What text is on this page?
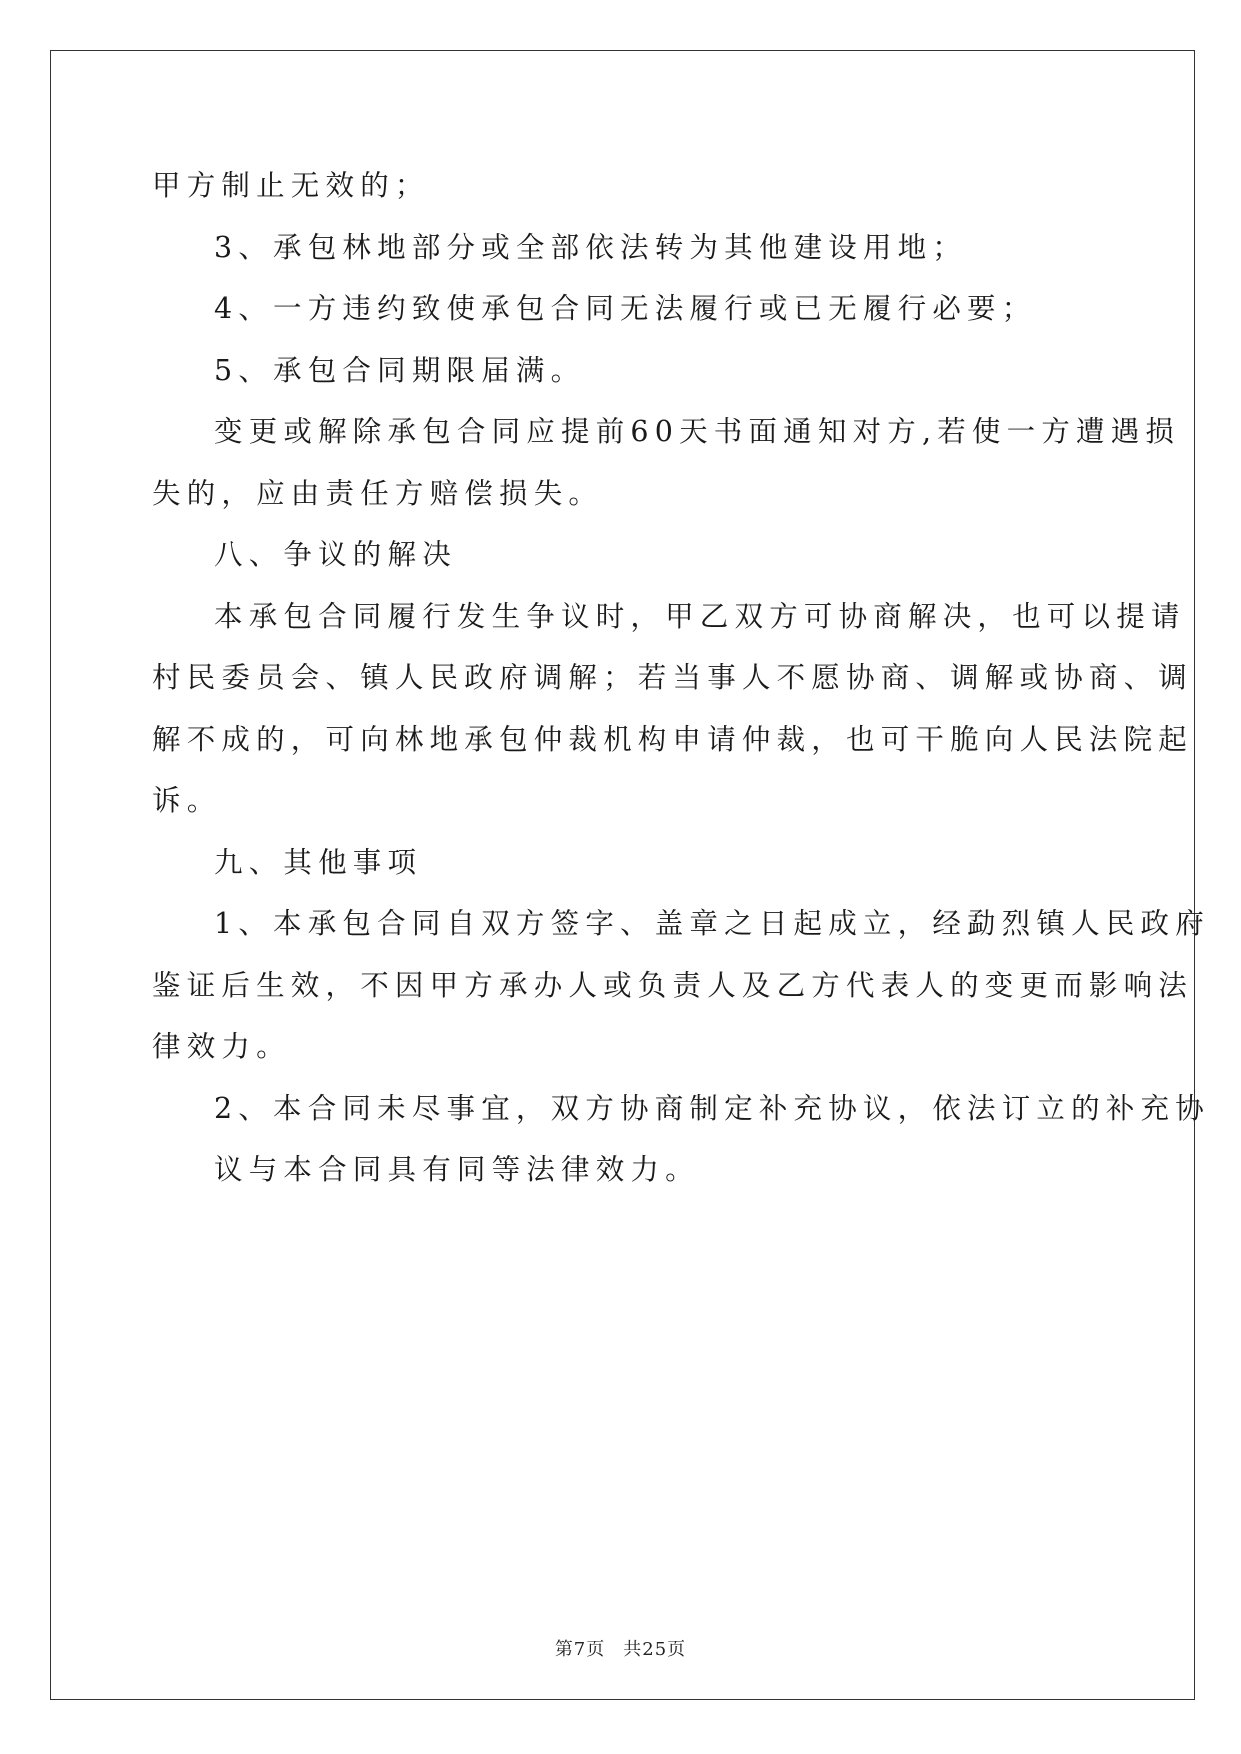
甲方制止无效的；
3、承包林地部分或全部依法转为其他建设用地；
4、一方违约致使承包合同无法履行或已无履行必要；
5、承包合同期限届满。
变更或解除承包合同应提前60天书面通知对方,若使一方遭遇损
失的，应由责任方赔偿损失。
八、争议的解决
本承包合同履行发生争议时，甲乙双方可协商解决，也可以提请
村民委员会、镇人民政府调解；若当事人不愿协商、调解或协商、调
解不成的，可向林地承包仲裁机构申请仲裁，也可干脆向人民法院起
诉。
九、其他事项
1、本承包合同自双方签字、盖章之日起成立，经勐烈镇人民政府
鉴证后生效，不因甲方承办人或负责人及乙方代表人的变更而影响法
律效力。
2、本合同未尽事宜，双方协商制定补充协议，依法订立的补充协
议与本合同具有同等法律效力。
第7页 共25页
